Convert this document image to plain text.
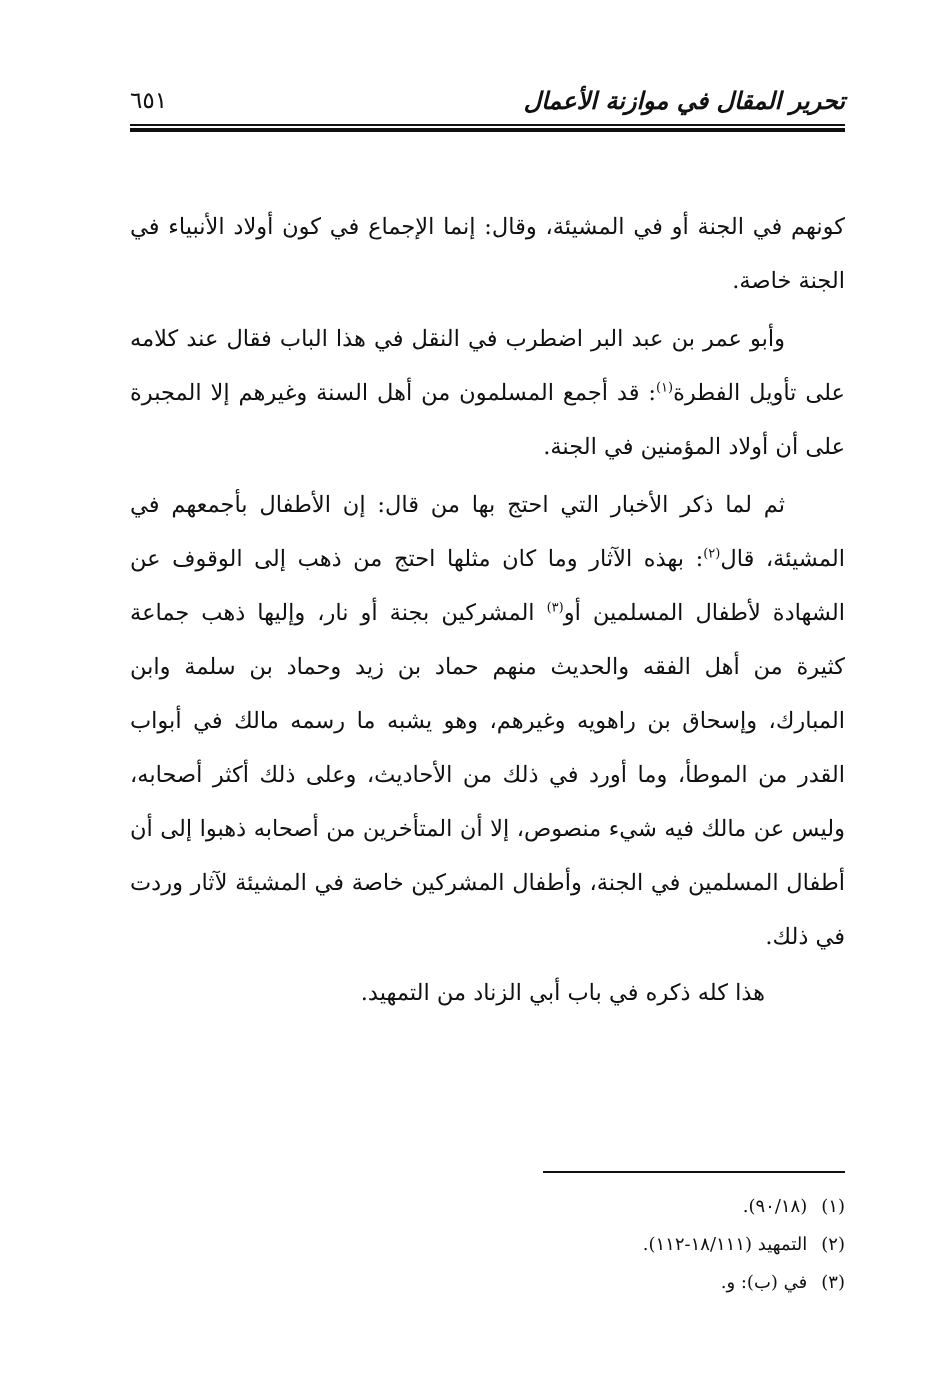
تحرير المقال في موازنة الأعمال
٦٥١

كونهم في الجنة أو في المشيئة، وقال: إنما الإجماع في كون أولاد الأنبياء في الجنة خاصة.

وأبو عمر بن عبد البر اضطرب في النقل في هذا الباب فقال عند كلامه على تأويل الفطرة$^{(١)}$: قد أجمع المسلمون من أهل السنة وغيرهم إلا المجبرة على أن أولاد المؤمنين في الجنة.

ثم لما ذكر الأخبار التي احتج بها من قال: إن الأطفال بأجمعهم في المشيئة، قال$^{(٢)}$: بهذه الآثار وما كان مثلها احتج من ذهب إلى الوقوف عن الشهادة لأطفال المسلمين أو$^{(٣)}$ المشركين بجنة أو نار، وإليها ذهب جماعة كثيرة من أهل الفقه والحديث منهم حماد بن زيد وحماد بن سلمة وابن المبارك، وإسحاق بن راهويه وغيرهم، وهو يشبه ما رسمه مالك في أبواب القدر من الموطأ، وما أورد في ذلك من الأحاديث، وعلى ذلك أكثر أصحابه، وليس عن مالك فيه شيء منصوص، إلا أن المتأخرين من أصحابه ذهبوا إلى أن أطفال المسلمين في الجنة، وأطفال المشركين خاصة في المشيئة لآثار وردت في ذلك.

هذا كله ذكره في باب أبي الزناد من التمهيد.

(١)(٩٠/١٨).
(٢)التمهيد (١٨/١١١-١١٢).
(٣)في (ب): و.
